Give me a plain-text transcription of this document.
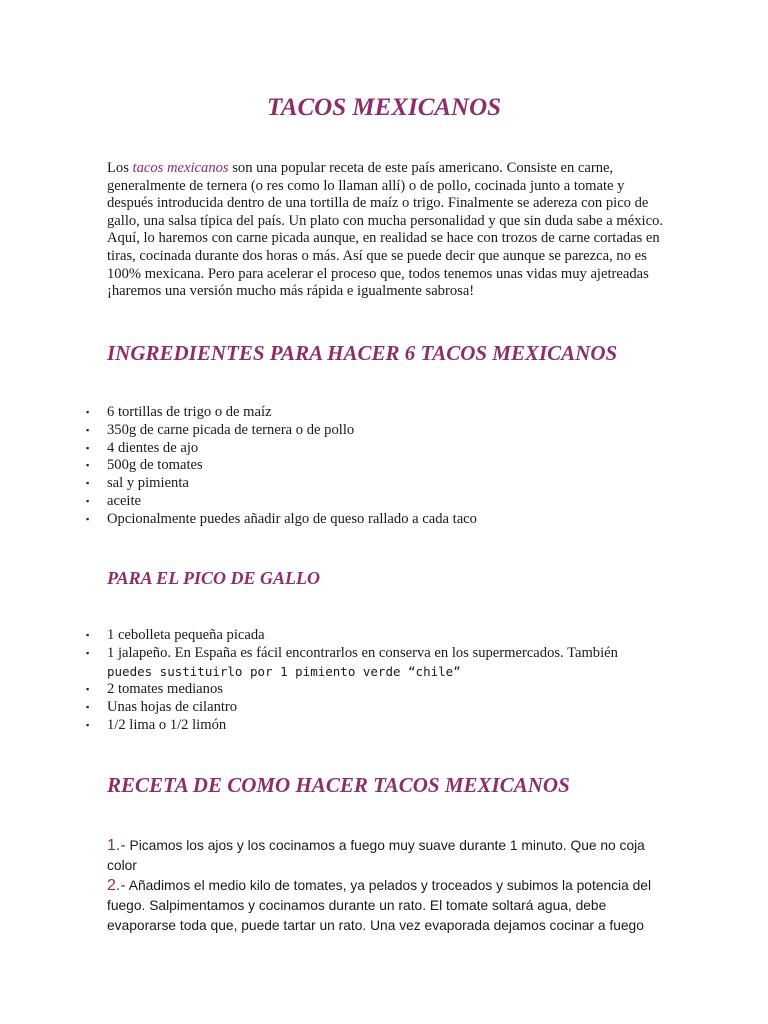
TACOS MEXICANOS

Los tacos mexicanos son una popular receta de este país americano. Consiste en carne, generalmente de ternera (o res como lo llaman allí) o de pollo, cocinada junto a tomate y después introducida dentro de una tortilla de maíz o trigo. Finalmente se adereza con pico de gallo, una salsa típica del país. Un plato con mucha personalidad y que sin duda sabe a méxico. Aquí, lo haremos con carne picada aunque, en realidad se hace con trozos de carne cortadas en tiras, cocinada durante dos horas o más. Así que se puede decir que aunque se parezca, no es 100% mexicana. Pero para acelerar el proceso que, todos tenemos unas vidas muy ajetreadas ¡haremos una versión mucho más rápida e igualmente sabrosa!

INGREDIENTES PARA HACER 6 TACOS MEXICANOS
▪ 6 tortillas de trigo o de maíz
▪ 350g de carne picada de ternera o de pollo
▪ 4 dientes de ajo
▪ 500g de tomates
▪ sal y pimienta
▪ aceite
▪ Opcionalmente puedes añadir algo de queso rallado a cada taco
PARA EL PICO DE GALLO
▪ 1 cebolleta pequeña picada
▪ 1 jalapeño. En España es fácil encontrarlos en conserva en los supermercados. También
puedes sustituirlo por 1 pimiento verde “chile”
▪ 2 tomates medianos
▪ Unas hojas de cilantro
▪ 1/2 lima o 1/2 limón
RECETA DE COMO HACER TACOS MEXICANOS

1.- Picamos los ajos y los cocinamos a fuego muy suave durante 1 minuto. Que no coja color

2.- Añadimos el medio kilo de tomates, ya pelados y troceados y subimos la potencia del fuego. Salpimentamos y cocinamos durante un rato. El tomate soltará agua, debe evaporarse toda que, puede tartar un rato. Una vez evaporada dejamos cocinar a fuego
